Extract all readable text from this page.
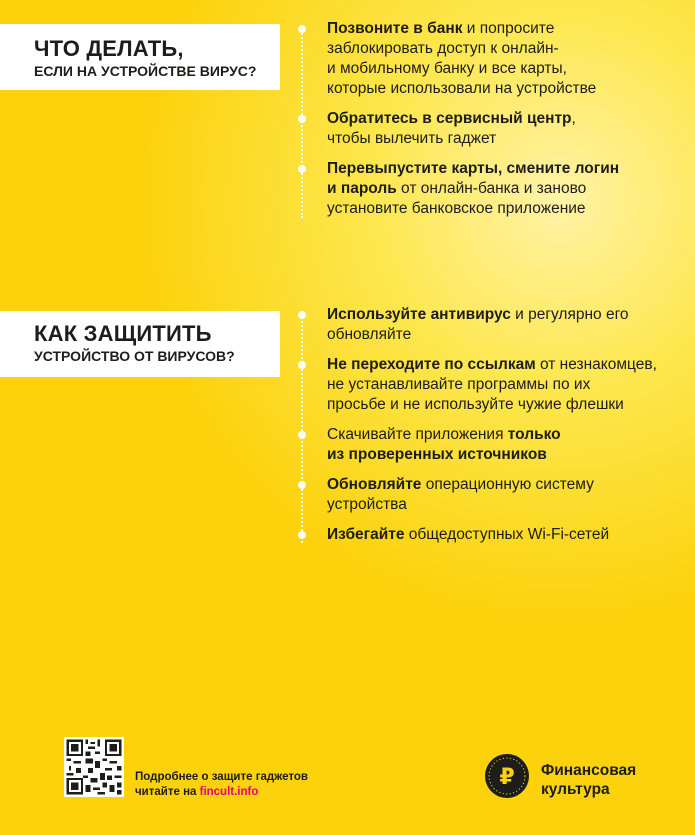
ЧТО ДЕЛАТЬ,
ЕСЛИ НА УСТРОЙСТВЕ ВИРУС?
Позвоните в банк и попросите
заблокировать доступ к онлайн-
и мобильному банку и все карты,
которые использовали на устройстве
Обратитесь в сервисный центр,
чтобы вылечить гаджет
Перевыпустите карты, смените логин
и пароль от онлайн-банка и заново
установите банковское приложение
КАК ЗАЩИТИТЬ
УСТРОЙСТВО ОТ ВИРУСОВ?
Используйте антивирус и регулярно его
обновляйте
Не переходите по ссылкам от незнакомцев,
не устанавливайте программы по их
просьбе и не используйте чужие флешки
Скачивайте приложения только
из проверенных источников
Обновляйте операционную систему
устройства
Избегайте общедоступных Wi-Fi-сетей
Подробнее о защите гаджетов
читайте на fincult.info
₽ Финансовая
культура
